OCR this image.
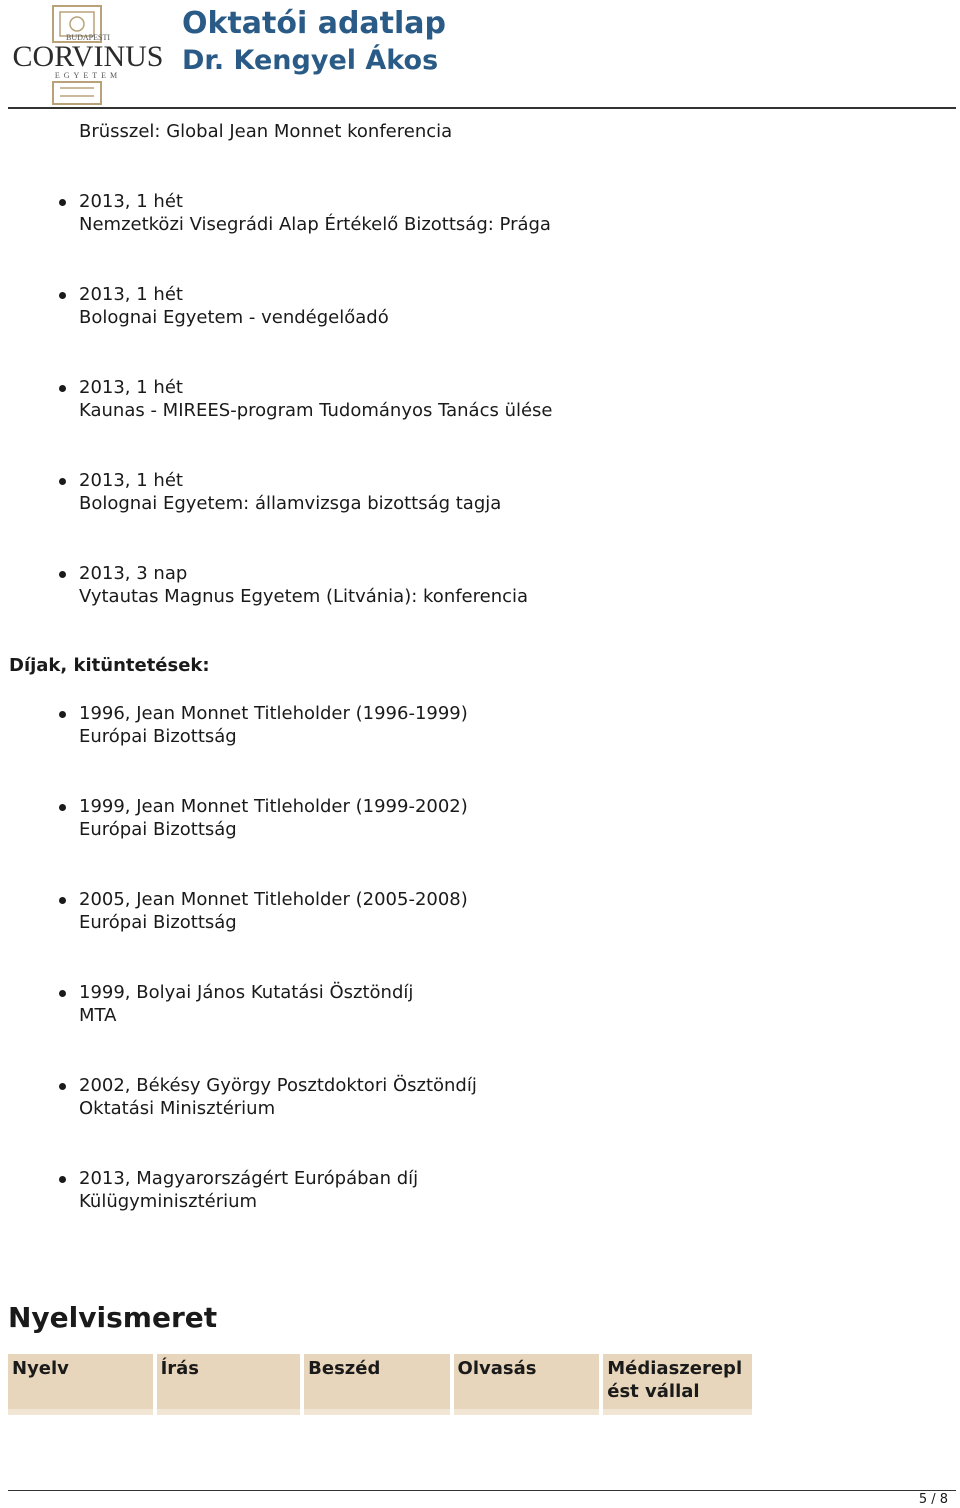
BUDAPESTI
CORVINUS
EGYETEM
Oktatói adatlap
Dr. Kengyel Ákos

Brüsszel: Global Jean Monnet konferencia

2013, 1 hét
Nemzetközi Visegrádi Alap Értékelő Bizottság: Prága
2013, 1 hét
Bolognai Egyetem - vendégelőadó
2013, 1 hét
Kaunas - MIREES-program Tudományos Tanács ülése
2013, 1 hét
Bolognai Egyetem: államvizsga bizottság tagja
2013, 3 nap
Vytautas Magnus Egyetem (Litvánia): konferencia

Díjak, kitüntetések:

1996, Jean Monnet Titleholder (1996-1999)
Európai Bizottság
1999, Jean Monnet Titleholder (1999-2002)
Európai Bizottság
2005, Jean Monnet Titleholder (2005-2008)
Európai Bizottság
1999, Bolyai János Kutatási Ösztöndíj
MTA
2002, Békésy György Posztdoktori Ösztöndíj
Oktatási Minisztérium
2013, Magyarországért Európában díj
Külügyminisztérium
Nyelvismeret
Nyelv	Írás	Beszéd	Olvasás	Médiaszerepl ést vállal

5 / 8
